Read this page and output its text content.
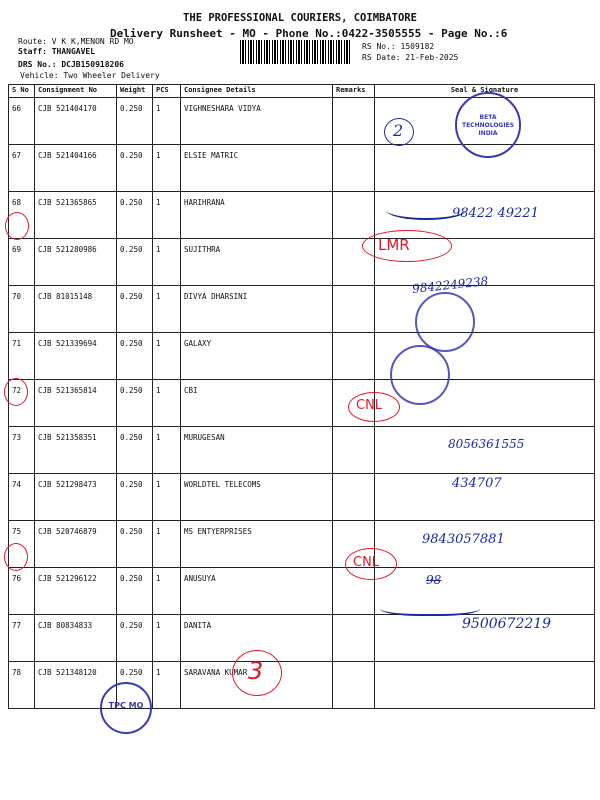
THE PROFESSIONAL COURIERS, COIMBATORE
Delivery Runsheet - MO - Phone No.:0422-3505555 - Page No.:6
Route: V K K,MENON RD MO
Staff: THANGAVEL
DRS No.: DCJB150918206
Vehicle: Two Wheeler Delivery
RS No.: 1509182
RS Date: 21-Feb-2025
S No	Consignment No	Weight	PCS	Consignee Details	Remarks	Seal & Signature
66	CJB 521404170	0.250	1	VIGHNESHARA VIDYA		
67	CJB 521404166	0.250	1	ELSIE MATRIC		
68	CJB 521365865	0.250	1	HARIHRANA		
69	CJB 521280986	0.250	1	SUJITHRA		
70	CJB 81015148	0.250	1	DIVYA DHARSINI		
71	CJB 521339694	0.250	1	GALAXY		
72	CJB 521365814	0.250	1	CBI		
73	CJB 521358351	0.250	1	MURUGESAN		
74	CJB 521298473	0.250	1	WORLDTEL TELECOMS		
75	CJB 520746879	0.250	1	MS ENTYERPRISES		
76	CJB 521296122	0.250	1	ANUSUYA		
77	CJB 80834833	0.250	1	DANITA		
78	CJB 521348120	0.250	1	SARAVANA KUMAR		
LMR
CNL
CNL
3
2
98422 49221
9842249238
8056361555
434707
9843057881
98
9500672219
BETA TECHNOLOGIES INDIA
TPC MO
